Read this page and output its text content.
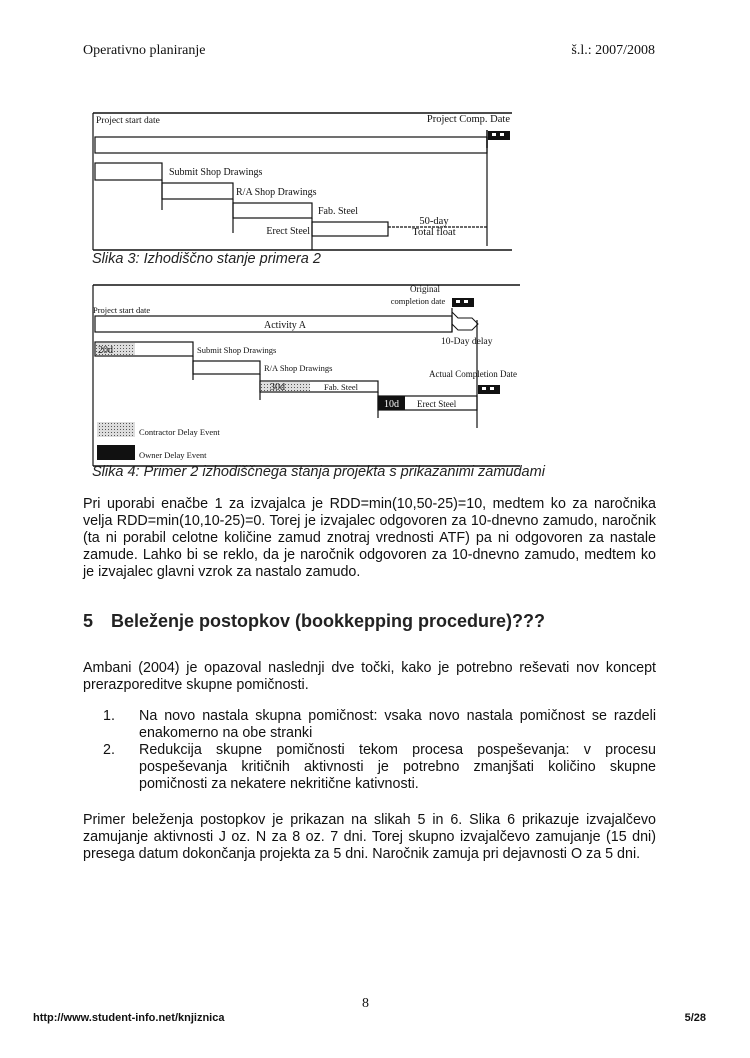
Operativno planiranje	š.l.: 2007/2008
Project start date	Project Comp. Date
Submit Shop Drawings
R/A Shop Drawings
Fab. Steel
Erect Steel
50-day
Total float
Project start date
Original
completion date
Activity A
10-Day delay
20d	Submit Shop Drawings
R/A Shop Drawings
30d	Fab. Steel
Actual Completion Date
10d Erect Steel
Contractor Delay Event
Owner Delay Event
Slika 3: Izhodiščno stanje primera 2
Slika 4: Primer 2 izhodiščnega stanja projekta s prikazanimi zamudami
Pri uporabi enačbe 1 za izvajalca je RDD=min(10,50-25)=10, medtem ko za naročnika velja RDD=min(10,10-25)=0. Torej je izvajalec odgovoren za 10-dnevno zamudo, naročnik (ta ni porabil celotne količine zamud znotraj vrednosti ATF) pa ni odgovoren za nastale zamude. Lahko bi se reklo, da je naročnik odgovoren za 10-dnevno zamudo, medtem ko je izvajalec glavni vzrok za nastalo zamudo.
5 Beleženje postopkov (bookkepping procedure)???
Ambani (2004) je opazoval naslednji dve točki, kako je potrebno reševati nov koncept prerazporeditve skupne pomičnosti.
1. Na novo nastala skupna pomičnost: vsaka novo nastala pomičnost se razdeli enakomerno na obe stranki
2. Redukcija skupne pomičnosti tekom procesa pospeševanja: v procesu pospeševanja kritičnih aktivnosti je potrebno zmanjšati količino skupne pomičnosti za nekatere nekritične kativnosti.
Primer beleženja postopkov je prikazan na slikah 5 in 6. Slika 6 prikazuje izvajalčevo zamujanje aktivnosti J oz. N za 8 oz. 7 dni. Torej skupno izvajalčevo zamujanje (15 dni) presega datum dokončanja projekta za 5 dni. Naročnik zamuja pri dejavnosti O za 5 dni.
8
http://www.student-info.net/knjiznica	5/28
